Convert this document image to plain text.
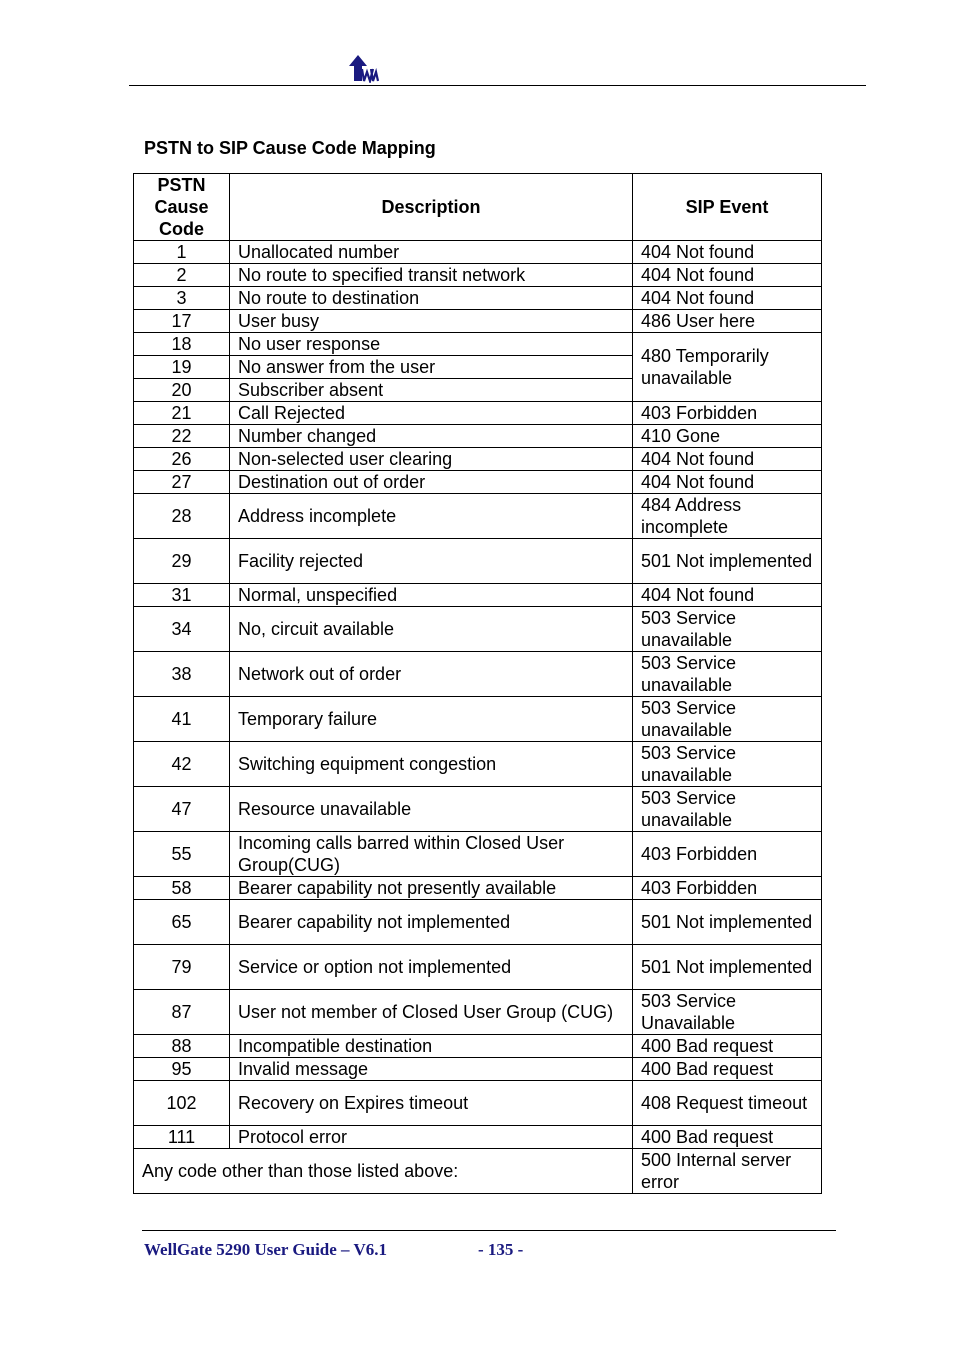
PSTN to SIP Cause Code Mapping
PSTN Cause Code	Description	SIP Event
1	Unallocated number	404 Not found
2	No route to specified transit network	404 Not found
3	No route to destination	404 Not found
17	User busy	486 User here
18	No user response	480 Temporarily unavailable
19	No answer from the user	
20	Subscriber absent	
21	Call Rejected	403 Forbidden
22	Number changed	410 Gone
26	Non-selected user clearing	404 Not found
27	Destination out of order	404 Not found
28	Address incomplete	484 Address incomplete
29	Facility rejected	501 Not implemented
31	Normal, unspecified	404 Not found
34	No, circuit available	503 Service unavailable
38	Network out of order	503 Service unavailable
41	Temporary failure	503 Service unavailable
42	Switching equipment congestion	503 Service unavailable
47	Resource unavailable	503 Service unavailable
55	Incoming calls barred within Closed User Group(CUG)	403 Forbidden
58	Bearer capability not presently available	403 Forbidden
65	Bearer capability not implemented	501 Not implemented
79	Service or option not implemented	501 Not implemented
87	User not member of Closed User Group (CUG)	503 Service Unavailable
88	Incompatible destination	400 Bad request
95	Invalid message	400 Bad request
102	Recovery on Expires timeout	408 Request timeout
111	Protocol error	400 Bad request
Any code other than those listed above:		500 Internal server error
WellGate 5290 User Guide – V6.1	- 135 -
